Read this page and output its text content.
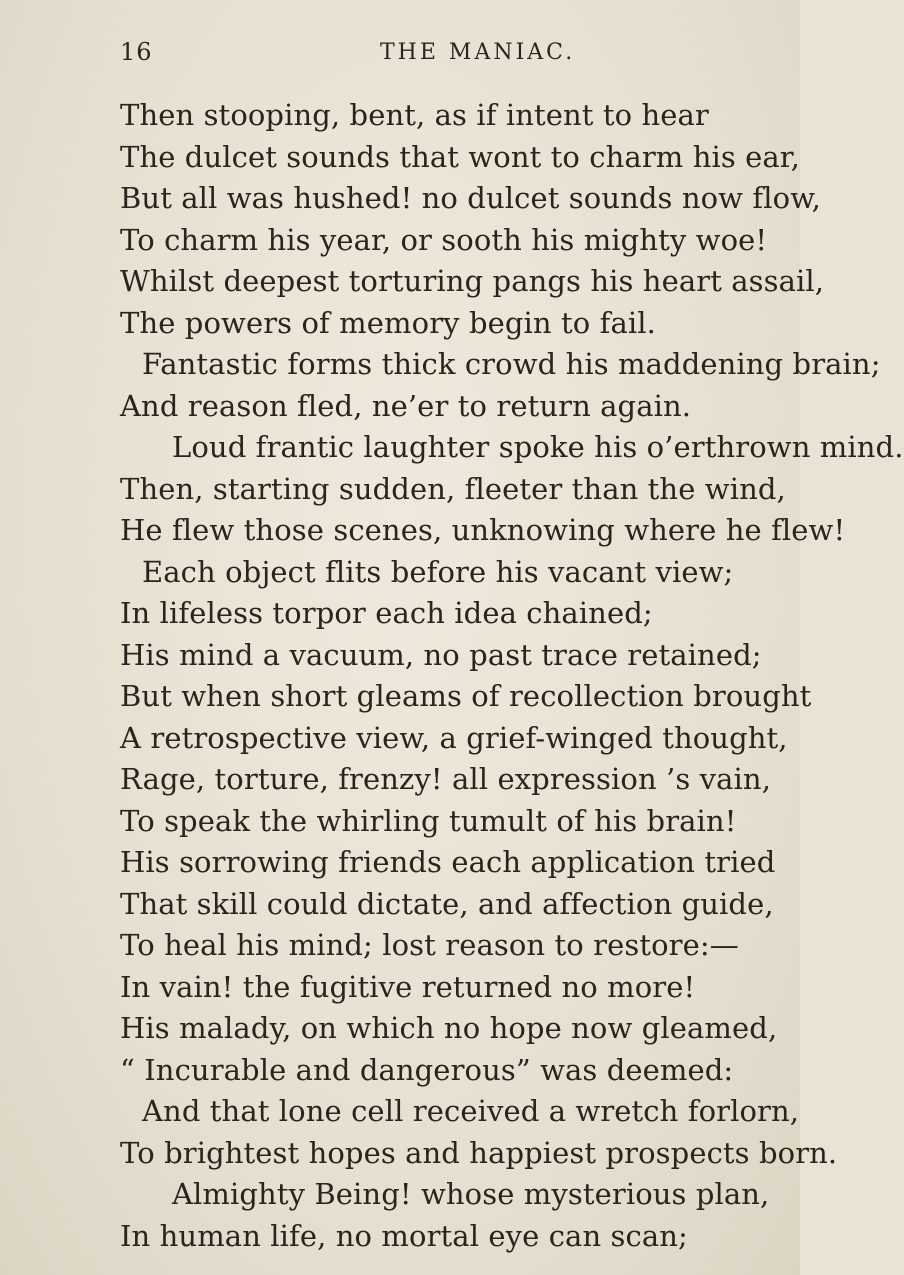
16	THE MANIAC.
Then stooping, bent, as if intent to hear
The dulcet sounds that wont to charm his ear,
But all was hushed! no dulcet sounds now flow,
To charm his year, or sooth his mighty woe!
Whilst deepest torturing pangs his heart assail,
The powers of memory begin to fail.
Fantastic forms thick crowd his maddening brain;
And reason fled, ne’er to return again.
Loud frantic laughter spoke his o’erthrown mind.
Then, starting sudden, fleeter than the wind,
He flew those scenes, unknowing where he flew!
Each object flits before his vacant view;
In lifeless torpor each idea chained;
His mind a vacuum, no past trace retained;
But when short gleams of recollection brought
A retrospective view, a grief-winged thought,
Rage, torture, frenzy! all expression ’s vain,
To speak the whirling tumult of his brain!
His sorrowing friends each application tried
That skill could dictate, and affection guide,
To heal his mind; lost reason to restore:—
In vain! the fugitive returned no more!
His malady, on which no hope now gleamed,
“ Incurable and dangerous” was deemed:
And that lone cell received a wretch forlorn,
To brightest hopes and happiest prospects born.
Almighty Being! whose mysterious plan,
In human life, no mortal eye can scan;
